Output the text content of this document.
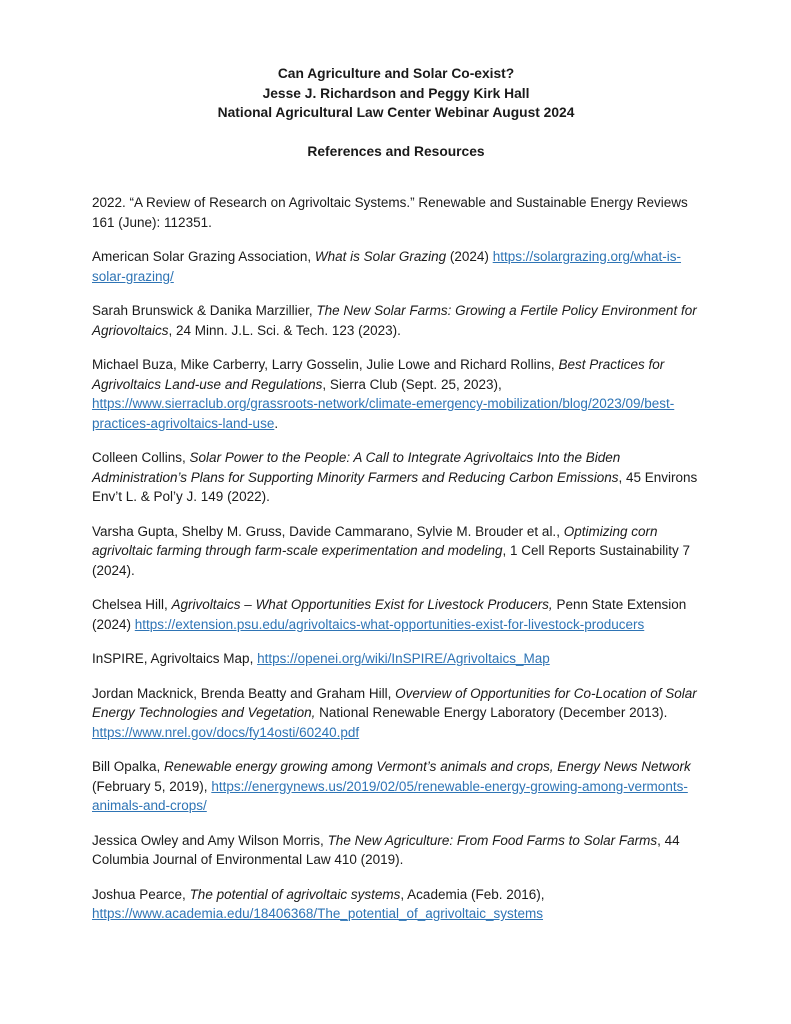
Can Agriculture and Solar Co-exist?

Jesse J. Richardson and Peggy Kirk Hall

National Agricultural Law Center Webinar August 2024

References and Resources

2022. “A Review of Research on Agrivoltaic Systems.” Renewable and Sustainable Energy Reviews 161 (June): 112351.

American Solar Grazing Association, What is Solar Grazing (2024) https://solargrazing.org/what-is-solar-grazing/

Sarah Brunswick & Danika Marzillier, The New Solar Farms: Growing a Fertile Policy Environment for Agriovoltaics, 24 Minn. J.L. Sci. & Tech. 123 (2023).

Michael Buza, Mike Carberry, Larry Gosselin, Julie Lowe and Richard Rollins, Best Practices for Agrivoltaics Land-use and Regulations, Sierra Club (Sept. 25, 2023), https://www.sierraclub.org/grassroots-network/climate-emergency-mobilization/blog/2023/09/best-practices-agrivoltaics-land-use.

Colleen Collins, Solar Power to the People: A Call to Integrate Agrivoltaics Into the Biden Administration’s Plans for Supporting Minority Farmers and Reducing Carbon Emissions, 45 Environs Env’t L. & Pol’y J. 149 (2022).

Varsha Gupta, Shelby M. Gruss, Davide Cammarano, Sylvie M. Brouder et al., Optimizing corn agrivoltaic farming through farm-scale experimentation and modeling, 1 Cell Reports Sustainability 7 (2024).

Chelsea Hill, Agrivoltaics – What Opportunities Exist for Livestock Producers, Penn State Extension (2024) https://extension.psu.edu/agrivoltaics-what-opportunities-exist-for-livestock-producers

InSPIRE, Agrivoltaics Map, https://openei.org/wiki/InSPIRE/Agrivoltaics_Map

Jordan Macknick, Brenda Beatty and Graham Hill, Overview of Opportunities for Co-Location of Solar Energy Technologies and Vegetation, National Renewable Energy Laboratory (December 2013). https://www.nrel.gov/docs/fy14osti/60240.pdf

Bill Opalka, Renewable energy growing among Vermont’s animals and crops, Energy News Network (February 5, 2019), https://energynews.us/2019/02/05/renewable-energy-growing-among-vermonts-animals-and-crops/

Jessica Owley and Amy Wilson Morris, The New Agriculture: From Food Farms to Solar Farms, 44 Columbia Journal of Environmental Law 410 (2019).

Joshua Pearce, The potential of agrivoltaic systems, Academia (Feb. 2016), https://www.academia.edu/18406368/The_potential_of_agrivoltaic_systems
